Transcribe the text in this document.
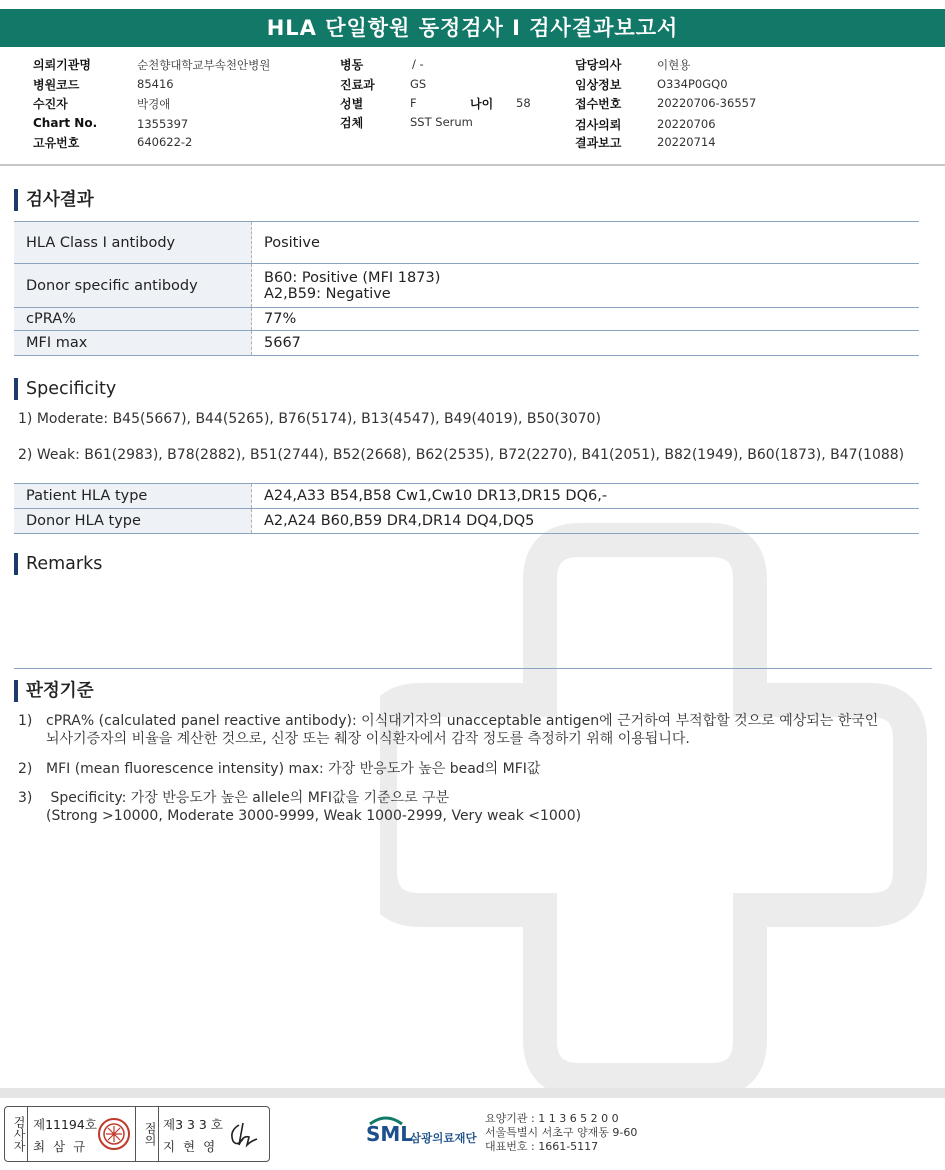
HLA 단일항원 동정검사 I 검사결과보고서
의뢰기관명	순천향대학교부속천안병원
병원코드	85416
수진자	박경애
Chart No.	1355397
고유번호	640622-2
병동	/ -
진료과	GS
성별	F	나이 58
검체	SST Serum
담당의사	이현용
임상정보	O334P0GQ0
접수번호	20220706-36557
검사의뢰	20220706
결과보고	20220714
검사결과
HLA Class I antibody	Positive
Donor specific antibody	B60: Positive (MFI 1873)
A2,B59: Negative

cPRA%	77%
MFI max	5667
Specificity
1) Moderate: B45(5667), B44(5265), B76(5174), B13(4547), B49(4019), B50(3070)
2) Weak: B61(2983), B78(2882), B51(2744), B52(2668), B62(2535), B72(2270), B41(2051), B82(1949), B60(1873), B47(1088)
Patient HLA type	A24,A33 B54,B58 Cw1,Cw10 DR13,DR15 DQ6,-
Donor HLA type	A2,A24 B60,B59 DR4,DR14 DQ4,DQ5
Remarks
판정기준
1) cPRA% (calculated panel reactive antibody): 이식대기자의 unacceptable antigen에 근거하여 부적합할 것으로 예상되는 한국인
뇌사기증자의 비율을 계산한 것으로, 신장 또는 췌장 이식환자에서 감작 정도를 측정하기 위해 이용됩니다.
2) MFI (mean fluorescence intensity) max: 가장 반응도가 높은 bead의 MFI값
3) Specificity: 가장 반응도가 높은 allele의 MFI값을 기준으로 구분
(Strong >10000, Moderate 3000-9999, Weak 1000-2999, Very weak <1000)
검사자 제11194호
최 삼 규
점의 제3 3 3 호
지 현 영
SML
삼광의료재단
요양기관 : 1 1 3 6 5 2 0 0
서울특별시 서초구 양재동 9-60
대표번호 : 1661-5117
